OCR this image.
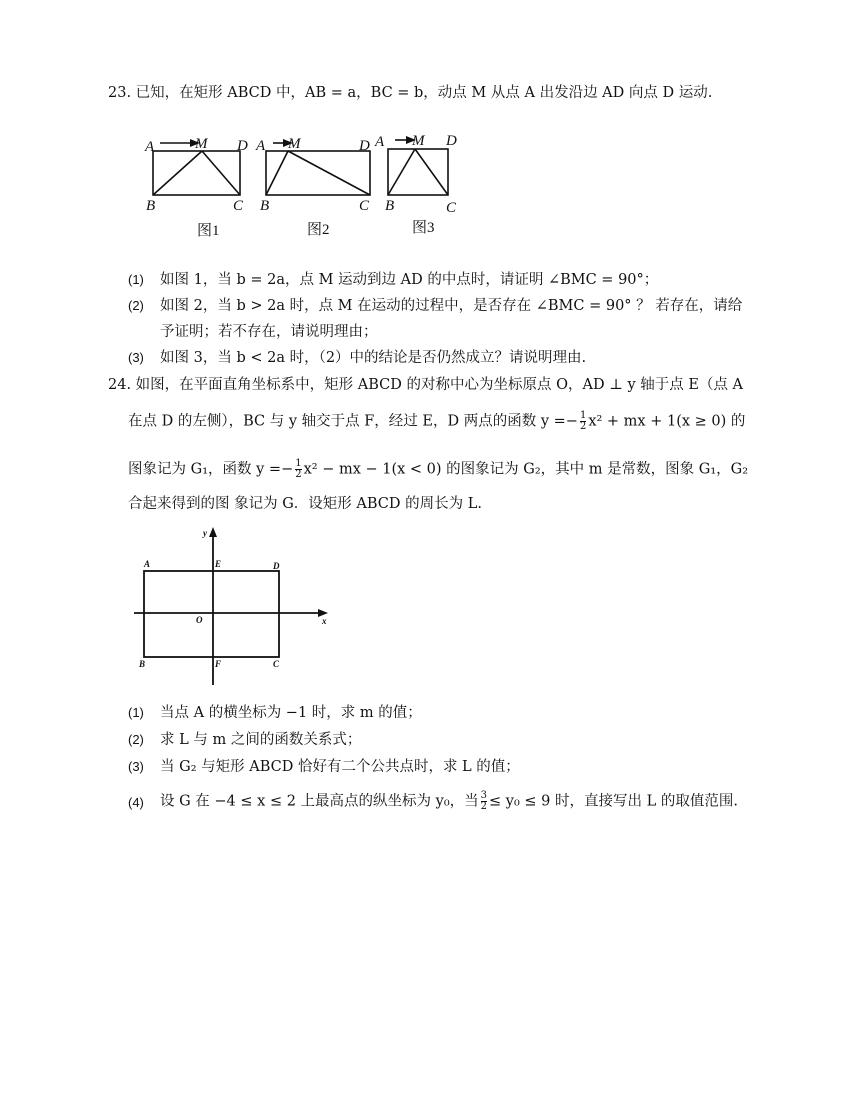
23. 已知，在矩形 ABCD 中，AB = a，BC = b，动点 M 从点 A 出发沿边 AD 向点 D 运动.
A	M D
B	C
A M	D
B	C
A M D
B	C
图1	图2	图3
(1) 如图 1，当 b = 2a，点 M 运动到边 AD 的中点时，请证明 ∠BMC = 90°；
(2) 如图 2，当 b > 2a 时，点 M 在运动的过程中，是否存在 ∠BMC = 90° ？ 若存在，请给
予证明；若不存在，请说明理由；
(3) 如图 3，当 b < 2a 时，（2）中的结论是否仍然成立？请说明理由.
24. 如图，在平面直角坐标系中，矩形 ABCD 的对称中心为坐标原点 O，AD ⊥ y 轴于点 E（点 A
在点 D 的左侧），BC 与 y 轴交于点 F，经过 E，D 两点的函数 $y =- \frac{1}{2} x^2$ + mx + 1(x ≥ 0) 的
图象记为 G₁，函数 $y =- \frac{1}{2} x^2$ − mx − 1(x < 0) 的图象记为 G₂，其中 m 是常数，图象 G₁，G₂
合起来得到的图 象记为 G．设矩形 ABCD 的周长为 L.
y
x
O
A	E	D
B	F	C
(1) 当点 A 的横坐标为 −1 时，求 m 的值；
(2) 求 L 与 m 之间的函数关系式；
(3) 当 G₂ 与矩形 ABCD 恰好有二个公共点时，求 L 的值；
(4) 设 G 在 −4 ≤ x ≤ 2 上最高点的纵坐标为 y₀，当 $\frac{3}{2} \le y_0 \le 9$ 时，直接写出 L 的取值范围.
